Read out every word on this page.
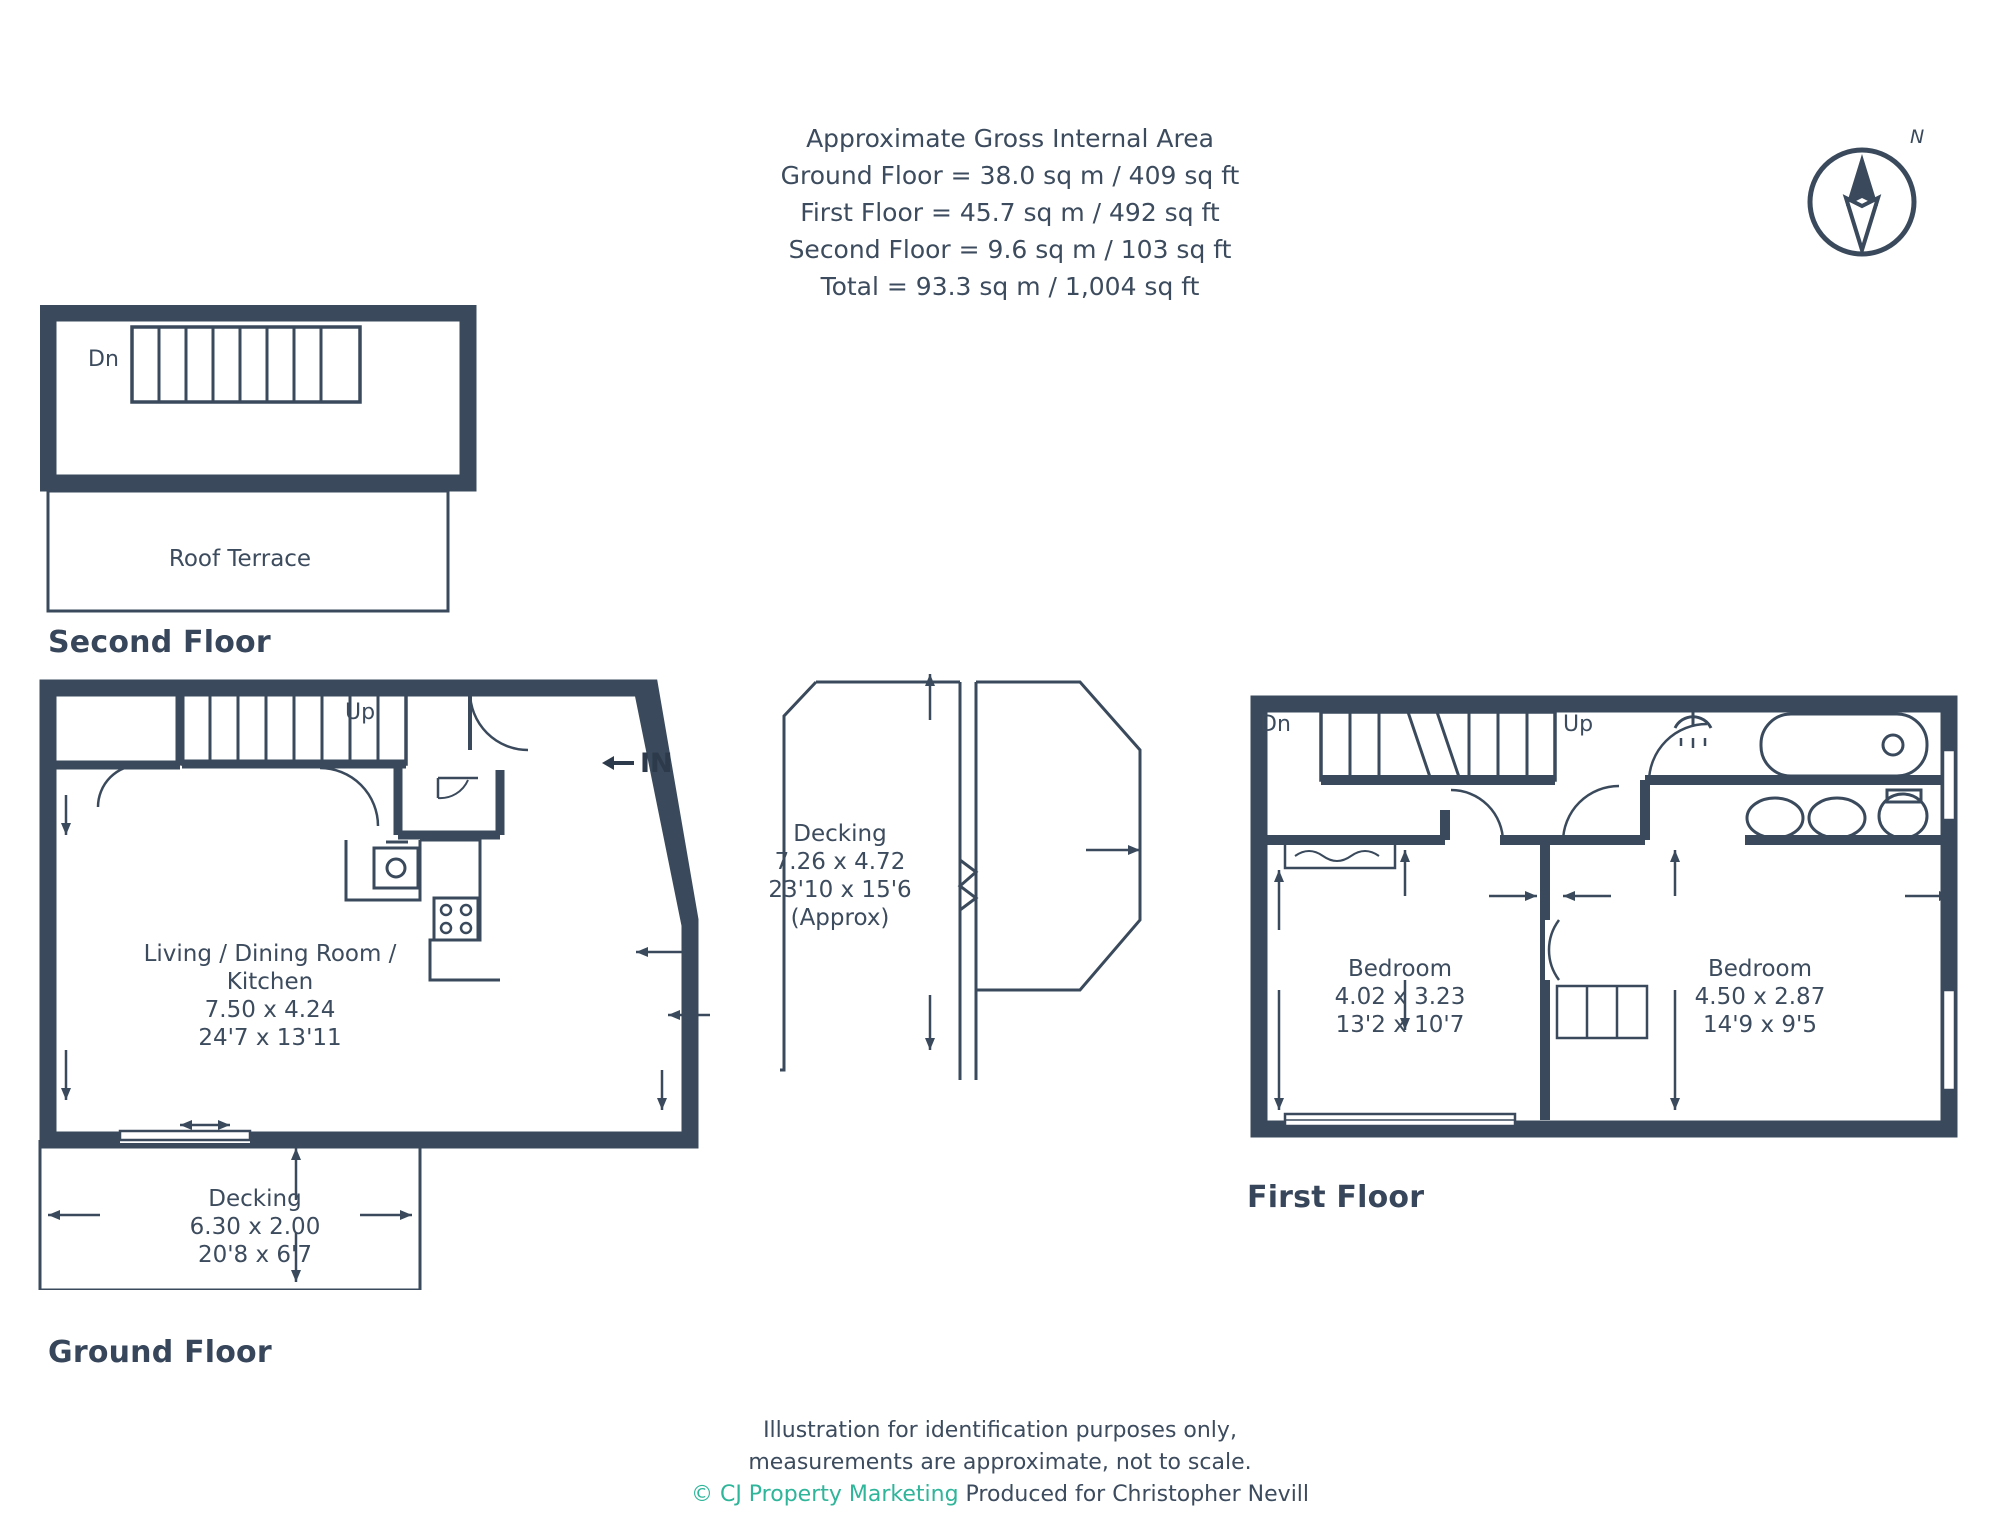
Approximate Gross Internal Area
Ground Floor = 38.0 sq m / 409 sq ft
First Floor = 45.7 sq m / 492 sq ft
Second Floor = 9.6 sq m / 103 sq ft
Total = 93.3 sq m / 1,004 sq ft
N
Dn
Roof Terrace
Second Floor
Up
IN
Living / Dining Room /
Kitchen
7.50 x 4.24
24'7 x 13'11
Decking
6.30 x 2.00
20'8 x 6'7
Ground Floor
Decking
7.26 x 4.72
23'10 x 15'6
(Approx)
Dn	Up
Bedroom
4.02 x 3.23
13'2 x 10'7
Bedroom
4.50 x 2.87
14'9 x 9'5
First Floor
Illustration for identification purposes only,
measurements are approximate, not to scale.
© CJ Property Marketing Produced for Christopher Nevill
